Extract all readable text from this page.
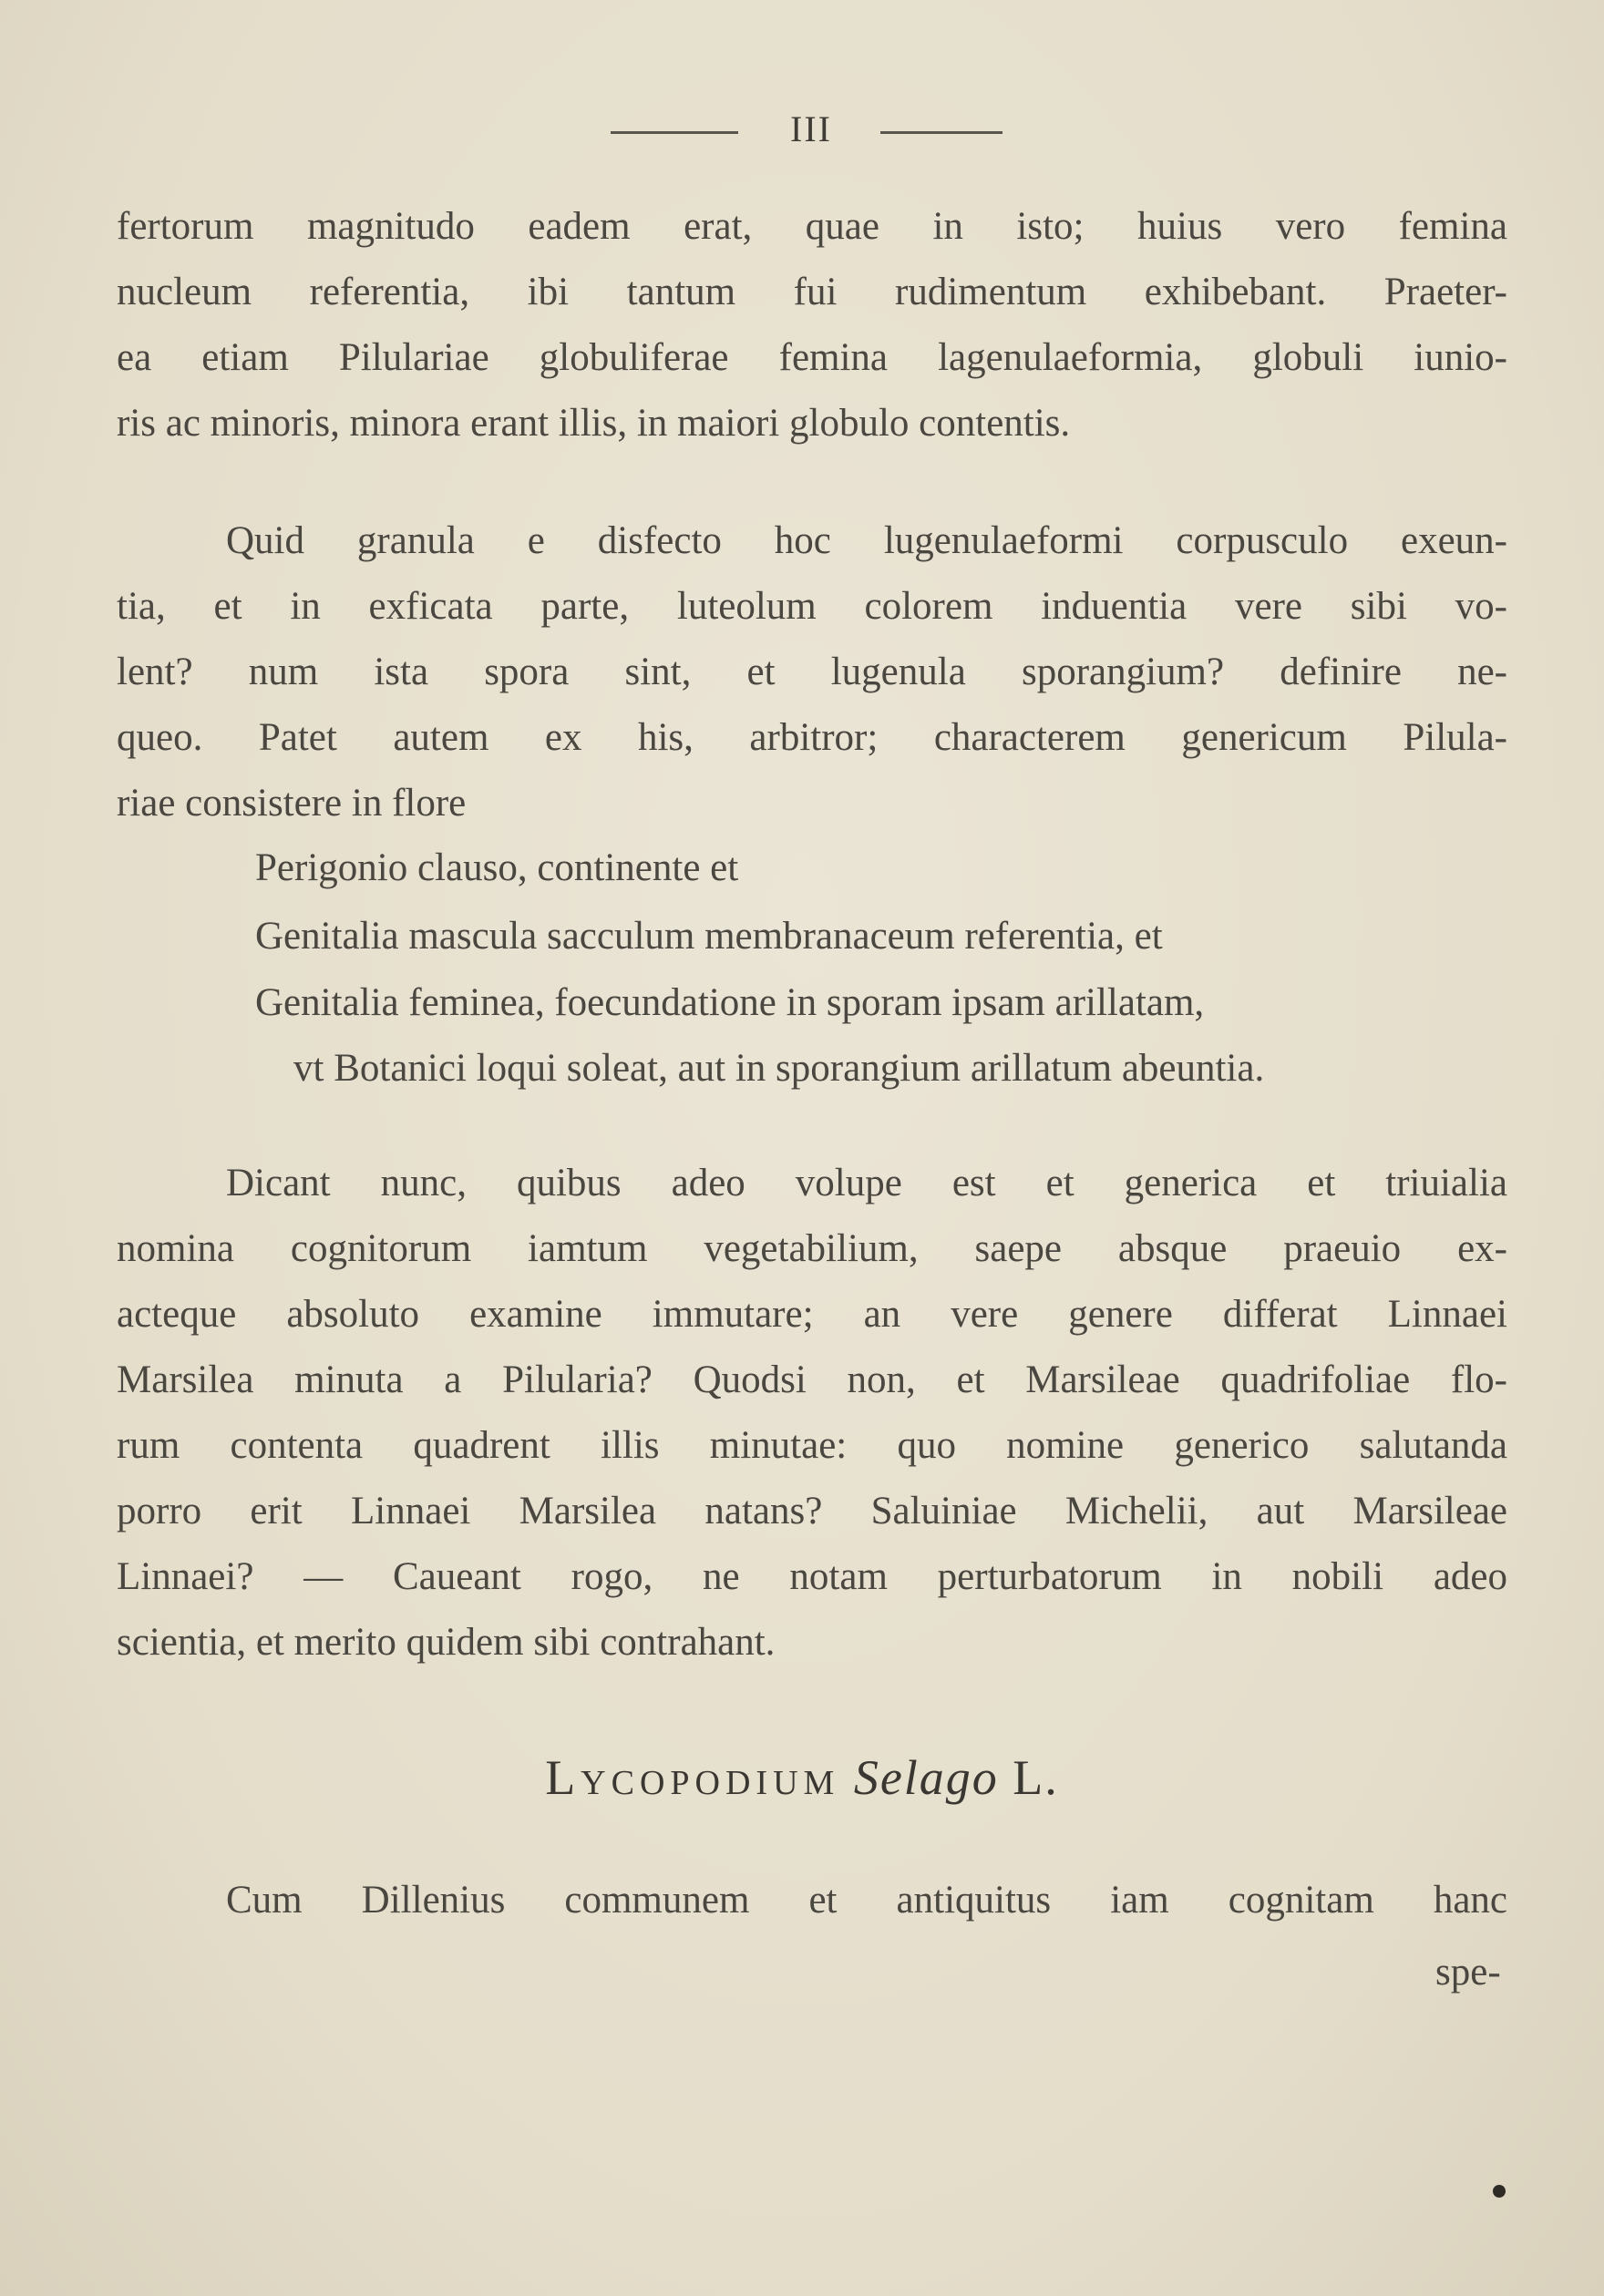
III
fertorum magnitudo eadem erat, quae in isto; huius vero femina
nucleum referentia, ibi tantum fui rudimentum exhibebant. Praeter-
ea etiam Pilulariae globuliferae femina lagenulaeformia, globuli iunio-
ris ac minoris, minora erant illis, in maiori globulo contentis.
Quid granula e disfecto hoc lugenulaeformi corpusculo exeun-
tia, et in exficata parte, luteolum colorem induentia vere sibi vo-
lent? num ista spora sint, et lugenula sporangium? definire ne-
queo. Patet autem ex his, arbitror; characterem genericum Pilula-
riae consistere in flore
Perigonio clauso, continente et
Genitalia mascula sacculum membranaceum referentia, et
Genitalia feminea, foecundatione in sporam ipsam arillatam,
vt Botanici loqui soleat, aut in sporangium arillatum abeuntia.
Dicant nunc, quibus adeo volupe est et generica et triuialia
nomina cognitorum iamtum vegetabilium, saepe absque praeuio ex-
acteque absoluto examine immutare; an vere genere differat Linnaei
Marsilea minuta a Pilularia? Quodsi non, et Marsileae quadrifoliae flo-
rum contenta quadrent illis minutae: quo nomine generico salutanda
porro erit Linnaei Marsilea natans? Saluiniae Michelii, aut Marsileae
Linnaei? — Caueant rogo, ne notam perturbatorum in nobili adeo
scientia, et merito quidem sibi contrahant.
Lycopodium Selago L.
Cum Dillenius communem et antiquitus iam cognitam hanc
spe-
